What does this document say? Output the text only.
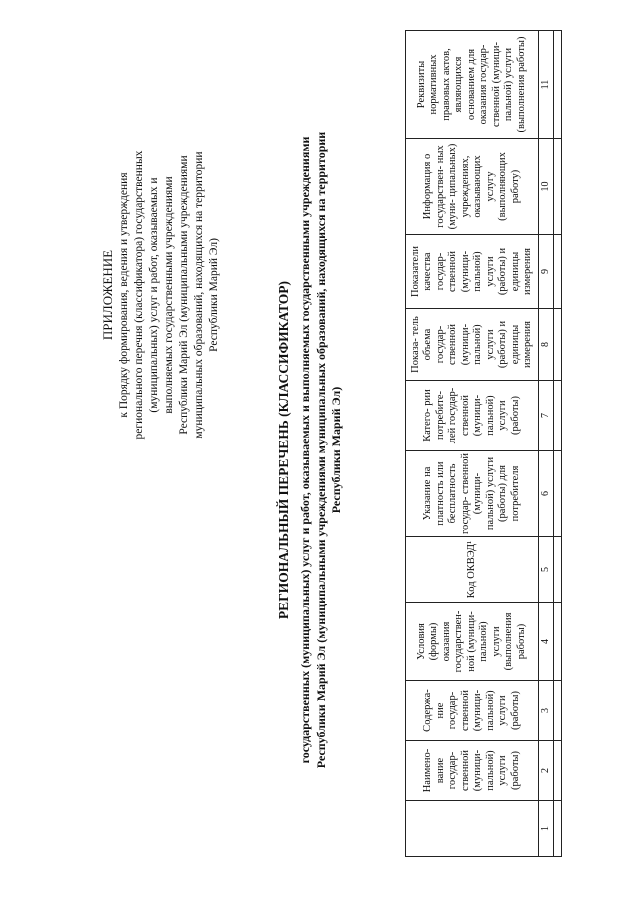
ПРИЛОЖЕНИЕ к Порядку формирования, ведения и утверждения регионального перечня (классификатора) государственных (муниципальных) услуг и работ, оказываемых и выполняемых государственными учреждениями Республики Марий Эл (муниципальными учреждениями муниципальных образований, находящихся на территории Республики Марий Эл)	РЕГИОНАЛЬНЫЙ ПЕРЕЧЕНЬ (КЛАССИФИКАТОР) государственных (муниципальных) услуг и работ, оказываемых и выполняемых государственными учреждениями Республики Марий Эл (муниципальными учреждениями муниципальных образований, находящихся на территории Республики Марий Эл)
	Наимено- вание государ- ственной (муници- пальной) услуги (работы)	Содержа- ние государ- ственной (муници- пальной) услуги (работы)	Условия (формы) оказания государствен- ной (муници- пальной) услуги (выполнения работы)	Код ОКВЭД¹	Указание на платность или бесплатность государ- ственной (муници- пальной) услуги (работы) для потребителя	Катего- рии потребите- лей государ- ственной (муници- пальной) услуги (работы)	Показа- тель объема государ- ственной (муници- пальной) услуги (работы) и единицы измерения	Показатели качества государ- ственной (муници- пальной) услуги (работы) и единицы измерения	Информация о государствен- ных (муни- ципальных) учреждениях, оказывающих услугу (выполняющих работу)	Реквизиты нормативных правовых актов, являющихся основанием для оказания государ- ственной (муници- пальной) услуги (выполнения работы)
1	2	3	4	5	6	7	8	9	10	11
